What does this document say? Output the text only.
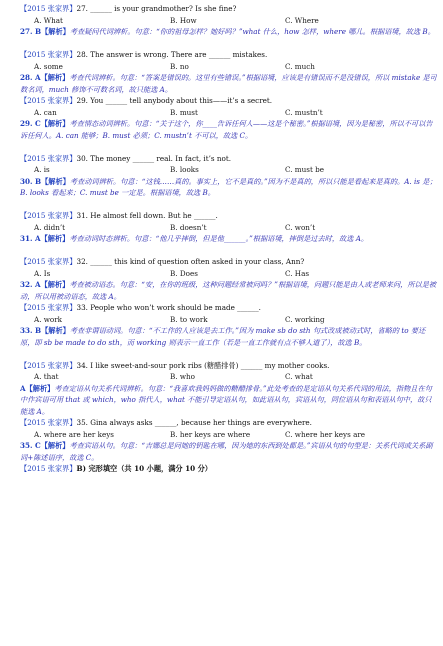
【2015 张家界】27. ______ is your grandmother? Is she fine?
A. What	B. How	C. Where
27. B【解析】考查疑问代词辨析。句意：“你的祖母怎样？她好吗？”what 什么，how 怎样，where 哪儿。根据语境，故选 B。
【2015 张家界】28. The answer is wrong. There are ______ mistakes.
A. some	B. no	C. much
28. A【解析】考查代词辨析。句意：“答案是错误的。这里有些错误。”根据语境，应该是有错误而不是没错误，所以 mistake 是可数名词，much 修饰不可数名词，故只能选 A。
【2015 张家界】29. You ______ tell anybody about this——it’s a secret.
A. can	B. must	C. mustn’t
29. C【解析】考查情态动词辨析。句意：“关于这个，你____告诉任何人——这是个秘密。”根据语境，因为是秘密，所以不可以告诉任何人。A. can 能够；B. must 必须；C. mustn’t 不可以，故选 C。
【2015 张家界】30. The money ______ real. In fact, it’s not.
A. is	B. looks	C. must be
30. B【解析】考查动词辨析。句意：“这钱……真的。事实上，它不是真的。”因为不是真的，所以只能是看起来是真的。A. is 是；B. looks 看起来；C. must be 一定是。根据语境，故选 B。
【2015 张家界】31. He almost fell down. But he ______.
A. didn’t	B. doesn’t	C. won’t
31. A【解析】考查动词时态辨析。句意：“他几乎摔倒，但是他______。”根据语境，摔倒是过去时，故选 A。
【2015 张家界】32. ______ this kind of question often asked in your class, Ann?
A. Is	B. Does	C. Has
32. A【解析】考查被动语态。句意：“安，在你的班级，这种问题经常被问吗？”根据语境，问题只能是由人或老师来问，所以是被动，所以用被动语态，故选 A。
【2015 张家界】33. People who won’t work should be made ______.
A. work	B. to work	C. working
33. B【解析】考查非谓语动词。句意：“不工作的人应该是去工作。”因为 make sb do sth 句式改成被动式时，省略的 to 要还原，即 sb be made to do sth，而 working 则表示一直工作（若是一直工作就有点不够人道了），故选 B。
【2015 张家界】34. I like sweet-and-sour pork ribs (糖醋排骨) ______ my mother cooks.
A. that	B. who	C. what
A【解析】考查定语从句关系代词辨析。句意：“我喜欢我妈妈做的糖醋排骨。”此处考查的是定语从句关系代词的用法，指物且在句中作宾语可用 that 或 which，who 指代人，what 不能引导定语从句，如此语从句，宾语从句，同位语从句和表语从句中，故只能选 A。
【2015 张家界】35. Gina always asks ______, because her things are everywhere.
A. where are her keys	B. her keys are where	C. where her keys are
35. C【解析】考查宾语从句。句意：“吉娜总是问她的钥匙在哪，因为她的东西到处都是。”宾语从句的句型是：关系代词或关系副词+陈述语序，故选 C。
【2015 张家界】B) 完形填空（共 10 小题，满分 10 分）
